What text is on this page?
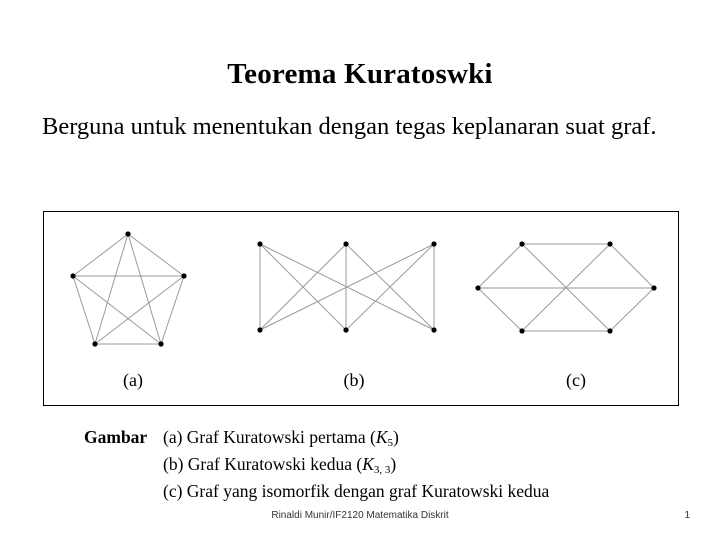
Teorema Kuratoswki
Berguna untuk menentukan dengan tegas keplanaran suat graf.
(a)	(b)	(c)
Gambar (a) Graf Kuratowski pertama $(K_5)$
(b) Graf Kuratowski kedua $(K_{3, 3})$
(c) Graf yang isomorfik dengan graf Kuratowski kedua
Rinaldi Munir/IF2120 Matematika Diskrit	1
